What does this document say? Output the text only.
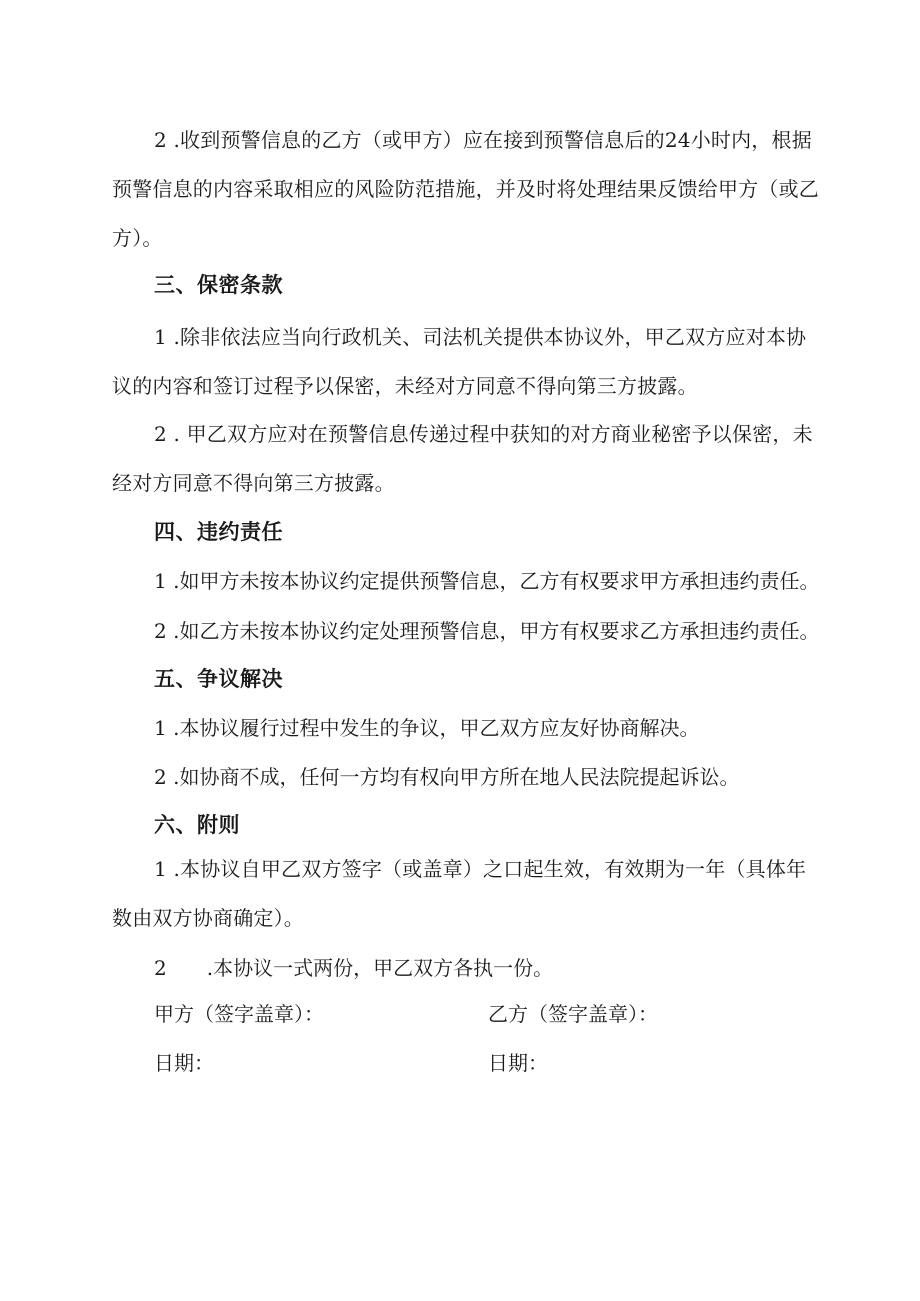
2 .收到预警信息的乙方（或甲方）应在接到预警信息后的24小时内，根据预警信息的内容采取相应的风险防范措施，并及时将处理结果反馈给甲方（或乙方）。

三、保密条款

1 .除非依法应当向行政机关、司法机关提供本协议外，甲乙双方应对本协议的内容和签订过程予以保密，未经对方同意不得向第三方披露。

2 . 甲乙双方应对在预警信息传递过程中获知的对方商业秘密予以保密，未经对方同意不得向第三方披露。

四、违约责任

1 .如甲方未按本协议约定提供预警信息，乙方有权要求甲方承担违约责任。

2 .如乙方未按本协议约定处理预警信息，甲方有权要求乙方承担违约责任。

五、争议解决

1 .本协议履行过程中发生的争议，甲乙双方应友好协商解决。

2 .如协商不成，任何一方均有权向甲方所在地人民法院提起诉讼。

六、附则

1 .本协议自甲乙双方签字（或盖章）之口起生效，有效期为一年（具体年数由双方协商确定）。

2　　.本协议一式两份，甲乙双方各执一份。

甲方（签字盖章）：	乙方（签字盖章）：

日期：	日期：
